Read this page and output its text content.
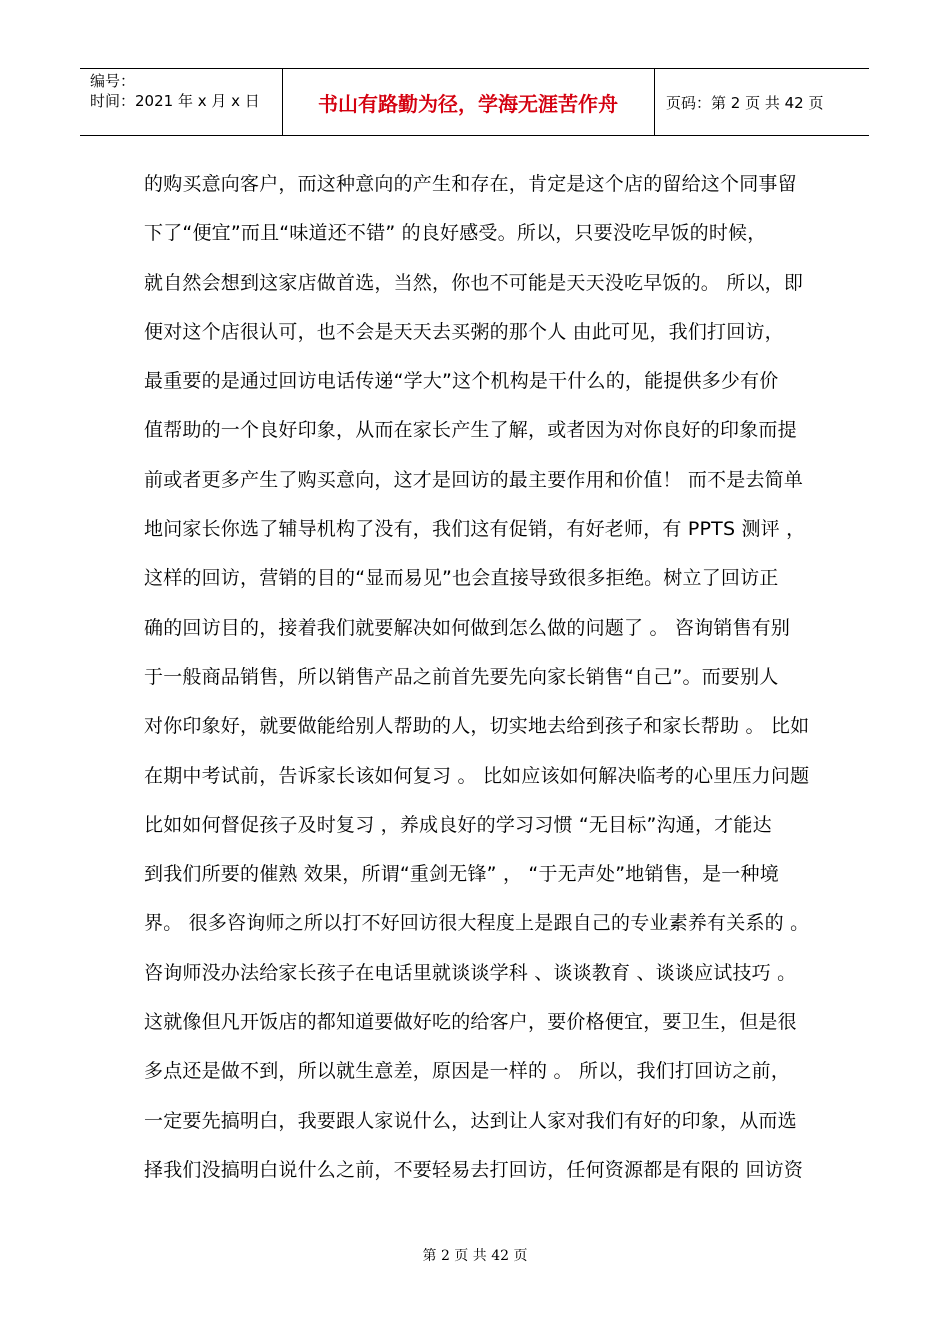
编号：
时间：2021 年 x 月 x 日	书山有路勤为径，学海无涯苦作舟	页码：第 2 页 共 42 页
的购买意向客户，而这种意向的产生和存在，肯定是这个店的留给这个同事留
下了“便宜”而且“味道还不错” 的良好感受。所以，只要没吃早饭的时候，
就自然会想到这家店做首选，当然，你也不可能是天天没吃早饭的。 所以，即
便对这个店很认可，也不会是天天去买粥的那个人 由此可见，我们打回访，
最重要的是通过回访电话传递“学大”这个机构是干什么的，能提供多少有价
值帮助的一个良好印象，从而在家长产生了解，或者因为对你良好的印象而提
前或者更多产生了购买意向，这才是回访的最主要作用和价值！ 而不是去简单
地问家长你选了辅导机构了没有，我们这有促销，有好老师，有 PPTS 测评 ，
这样的回访，营销的目的“显而易见”也会直接导致很多拒绝。树立了回访正
确的回访目的，接着我们就要解决如何做到怎么做的问题了 。 咨询销售有别
于一般商品销售，所以销售产品之前首先要先向家长销售“自己”。而要别人
对你印象好，就要做能给别人帮助的人，切实地去给到孩子和家长帮助 。 比如
在期中考试前，告诉家长该如何复习 。 比如应该如何解决临考的心里压力问题
比如如何督促孩子及时复习 ，养成良好的学习习惯 “无目标”沟通，才能达
到我们所要的催熟 效果，所谓“重剑无锋” ， “于无声处”地销售，是一种境
界。 很多咨询师之所以打不好回访很大程度上是跟自己的专业素养有关系的 。
咨询师没办法给家长孩子在电话里就谈谈学科 、谈谈教育 、谈谈应试技巧 。
这就像但凡开饭店的都知道要做好吃的给客户，要价格便宜，要卫生，但是很
多点还是做不到，所以就生意差，原因是一样的 。 所以，我们打回访之前，
一定要先搞明白，我要跟人家说什么，达到让人家对我们有好的印象，从而选
择我们没搞明白说什么之前，不要轻易去打回访，任何资源都是有限的 回访资
第 2 页 共 42 页
